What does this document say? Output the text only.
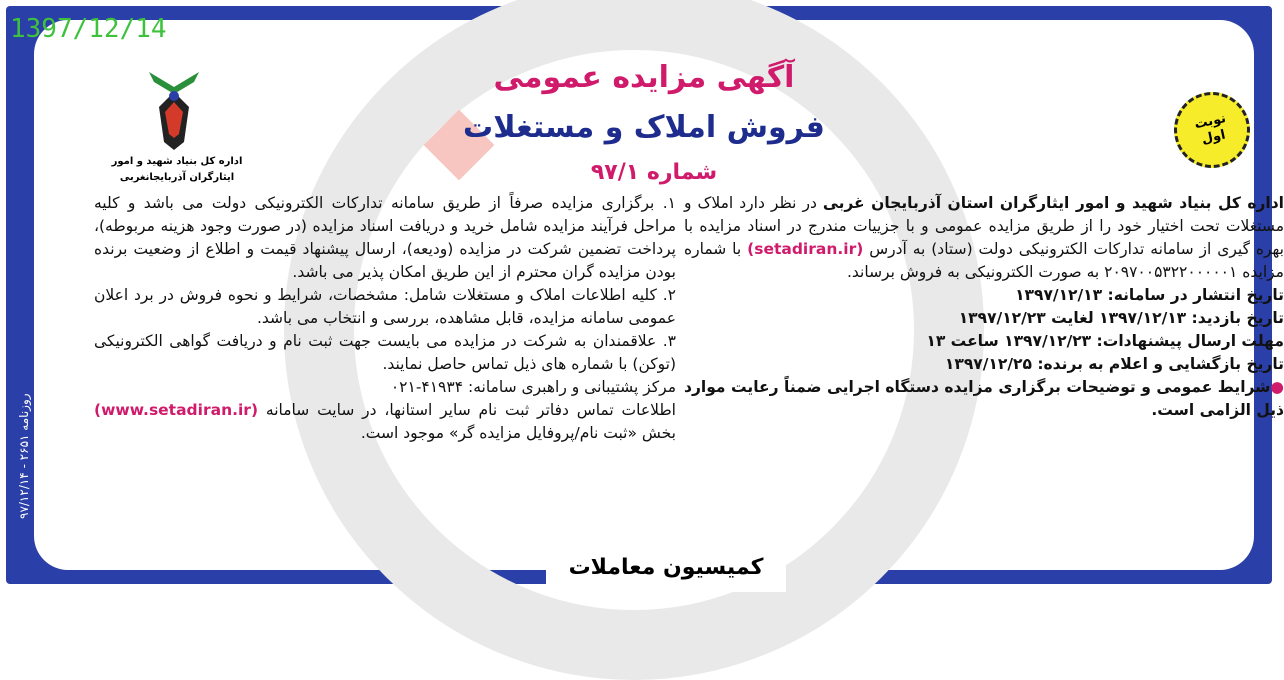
اداره کل بنیاد شهید و امور
ایثارگران آذربایجانغربی
آگهی مزایده عمومی
فروش املاک و مستغلات
شماره ۹۷/۱
نوبت
اول

اداره کل بنیاد شهید و امور ایثارگران استان آذربایجان غربی در نظر دارد املاک و مستغلات تحت اختیار خود را از طریق مزایده عمومی و با جزییات مندرج در اسناد مزایده با بهره گیری از سامانه تدارکات الکترونیکی دولت (ستاد) به آدرس (setadiran.ir) با شماره مزایده ۲۰۹۷۰۰۵۳۲۲۰۰۰۰۰۱ به صورت الکترونیکی به فروش برساند.

تاریخ انتشار در سامانه: ۱۳۹۷/۱۲/۱۳

تاریخ بازدید: ۱۳۹۷/۱۲/۱۳ لغایت ۱۳۹۷/۱۲/۲۳

مهلت ارسال پیشنهادات: ۱۳۹۷/۱۲/۲۳ ساعت ۱۳

تاریخ بازگشایی و اعلام به برنده: ۱۳۹۷/۱۲/۲۵

●شرایط عمومی و توضیحات برگزاری مزایده دستگاه اجرایی ضمناً رعایت موارد ذیل الزامی است.

۱. برگزاری مزایده صرفاً از طریق سامانه تدارکات الکترونیکی دولت می باشد و کلیه مراحل فرآیند مزایده شامل خرید و دریافت اسناد مزایده (در صورت وجود هزینه مربوطه)، پرداخت تضمین شرکت در مزایده (ودیعه)، ارسال پیشنهاد قیمت و اطلاع از وضعیت برنده بودن مزایده گران محترم از این طریق امکان پذیر می باشد.

۲. کلیه اطلاعات املاک و مستغلات شامل: مشخصات، شرایط و نحوه فروش در برد اعلان عمومی سامانه مزایده، قابل مشاهده، بررسی و انتخاب می باشد.

۳. علاقمندان به شرکت در مزایده می بایست جهت ثبت نام و دریافت گواهی الکترونیکی (توکن) با شماره های ذیل تماس حاصل نمایند.

مرکز پشتیبانی و راهبری سامانه: ۴۱۹۳۴-۰۲۱

اطلاعات تماس دفاتر ثبت نام سایر استانها، در سایت سامانه (www.setadiran.ir) بخش «ثبت نام/پروفایل مزایده گر» موجود است.

۹۷/۱۲/۱۴ - ۲۶۵۱ روزنامه
کمیسیون معاملات
1397/12/14
